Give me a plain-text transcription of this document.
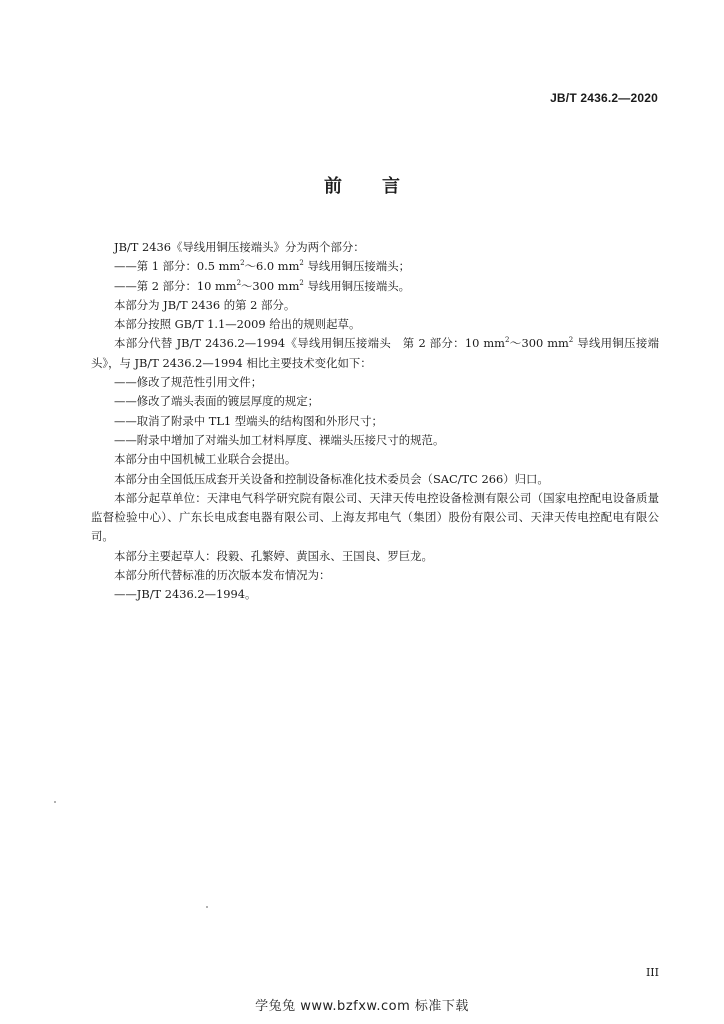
JB/T 2436.2—2020
前 言

JB/T 2436《导线用铜压接端头》分为两个部分：

——第 1 部分：0.5 $mm^2\sim 6.0$ $mm^2$ 导线用铜压接端头；

——第 2 部分：10 $mm^2\sim 300$ $mm^2$ 导线用铜压接端头。

本部分为 JB/T 2436 的第 2 部分。

本部分按照 GB/T 1.1—2009 给出的规则起草。

本部分代替 JB/T 2436.2—1994《导线用铜压接端头　第 2 部分：10 $mm^2\sim 300$ $mm^2$ 导线用铜压接端头》，与 JB/T 2436.2—1994 相比主要技术变化如下：

——修改了规范性引用文件；

——修改了端头表面的镀层厚度的规定；

——取消了附录中 TL1 型端头的结构图和外形尺寸；

——附录中增加了对端头加工材料厚度、裸端头压接尺寸的规范。

本部分由中国机械工业联合会提出。

本部分由全国低压成套开关设备和控制设备标准化技术委员会（SAC/TC 266）归口。

本部分起草单位：天津电气科学研究院有限公司、天津天传电控设备检测有限公司（国家电控配电设备质量监督检验中心）、广东长电成套电器有限公司、上海友邦电气（集团）股份有限公司、天津天传电控配电有限公司。

本部分主要起草人：段毅、孔繁婷、黄国永、王国良、罗巨龙。

本部分所代替标准的历次版本发布情况为：

——JB/T 2436.2—1994。

III
学兔兔 www.bzfxw.com 标准下载
